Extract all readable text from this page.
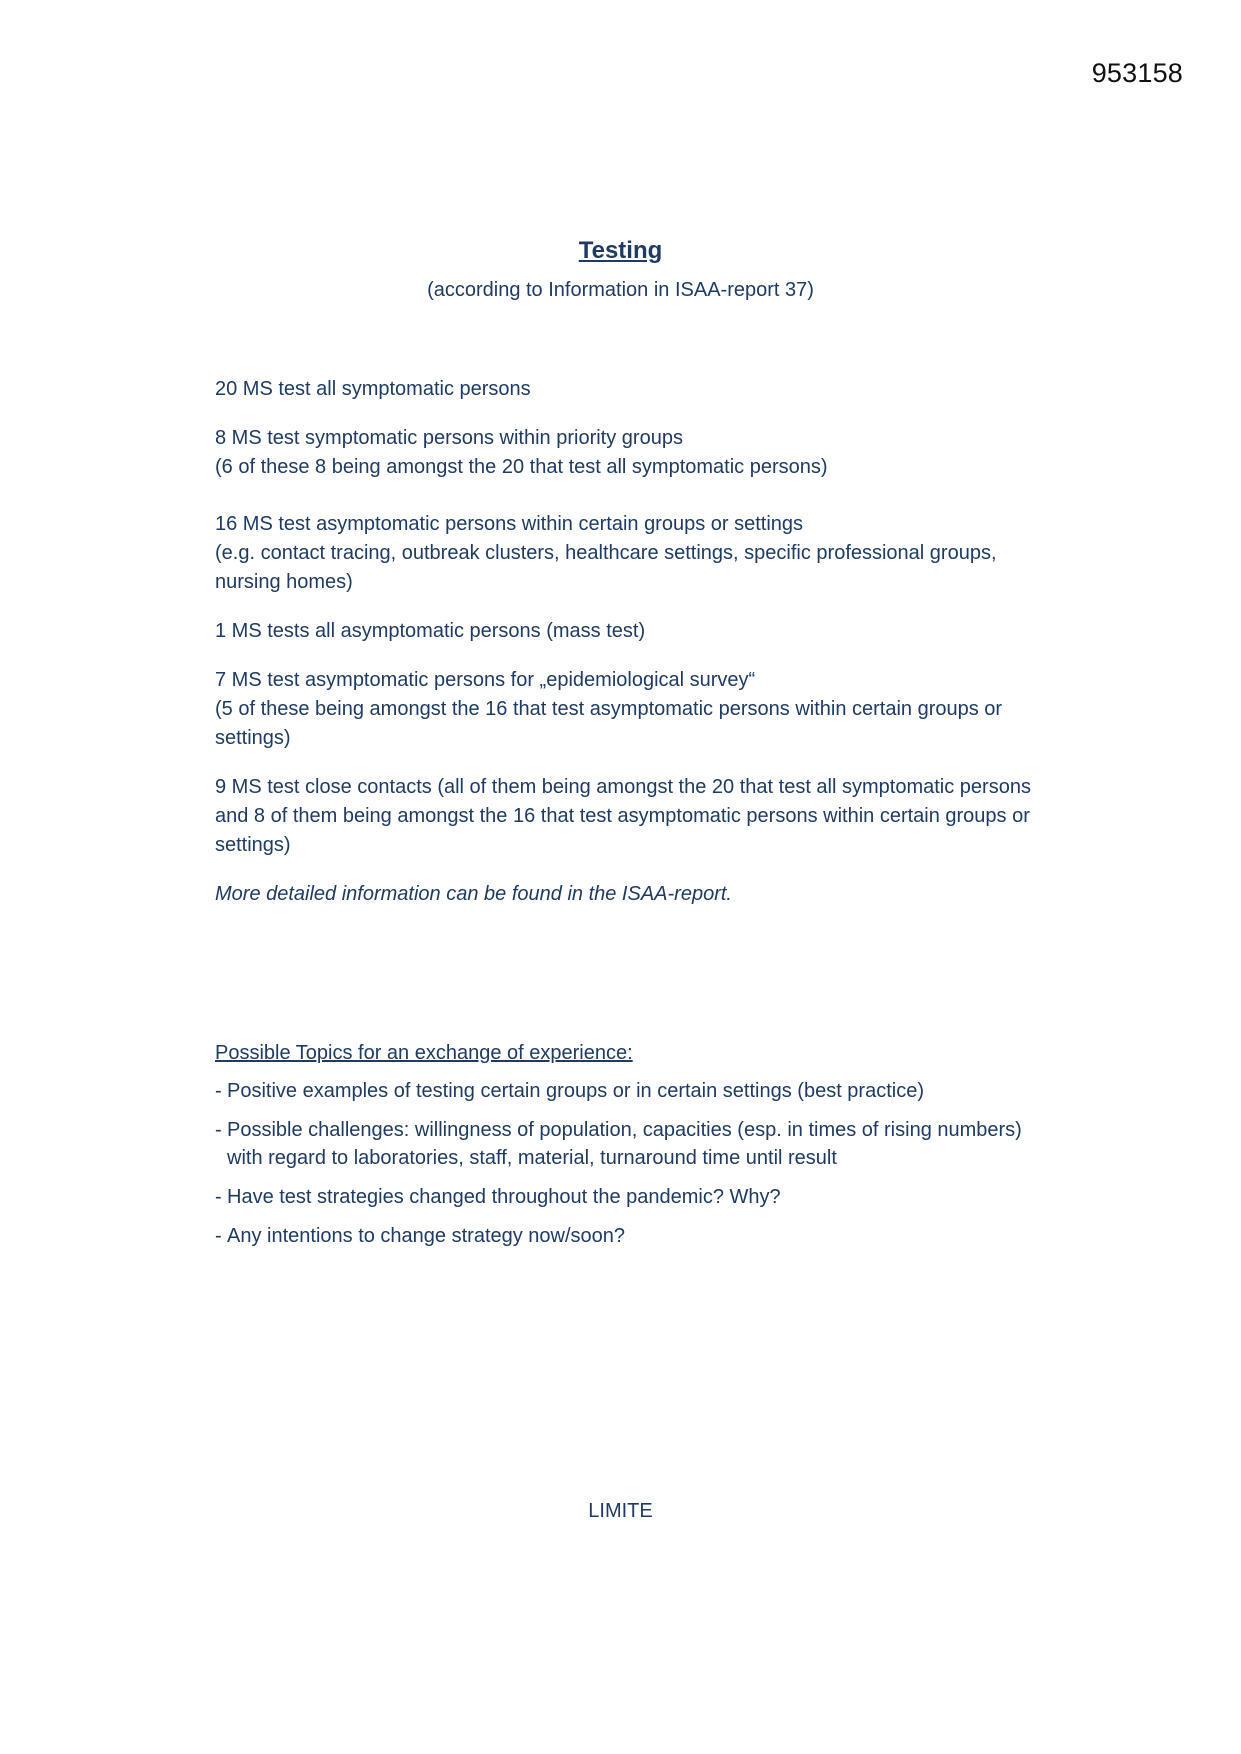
953158
Testing
(according to Information in ISAA-report 37)
20 MS test all symptomatic persons
8 MS test symptomatic persons within priority groups
(6 of these 8 being amongst the 20 that test all symptomatic persons)
16 MS test asymptomatic persons within certain groups or settings
(e.g. contact tracing, outbreak clusters, healthcare settings, specific professional groups, nursing homes)
1 MS tests all asymptomatic persons (mass test)
7 MS test asymptomatic persons for „epidemiological survey“
(5 of these being amongst the 16 that test asymptomatic persons within certain groups or settings)
9 MS test close contacts (all of them being amongst the 20 that test all symptomatic persons and 8 of them being amongst the 16 that test asymptomatic persons within certain groups or settings)
More detailed information can be found in the ISAA-report.
Possible Topics for an exchange of experience:
- Positive examples of testing certain groups or in certain settings (best practice)
- Possible challenges: willingness of population, capacities (esp. in times of rising numbers) with regard to laboratories, staff, material, turnaround time until result
- Have test strategies changed throughout the pandemic? Why?
- Any intentions to change strategy now/soon?
LIMITE
